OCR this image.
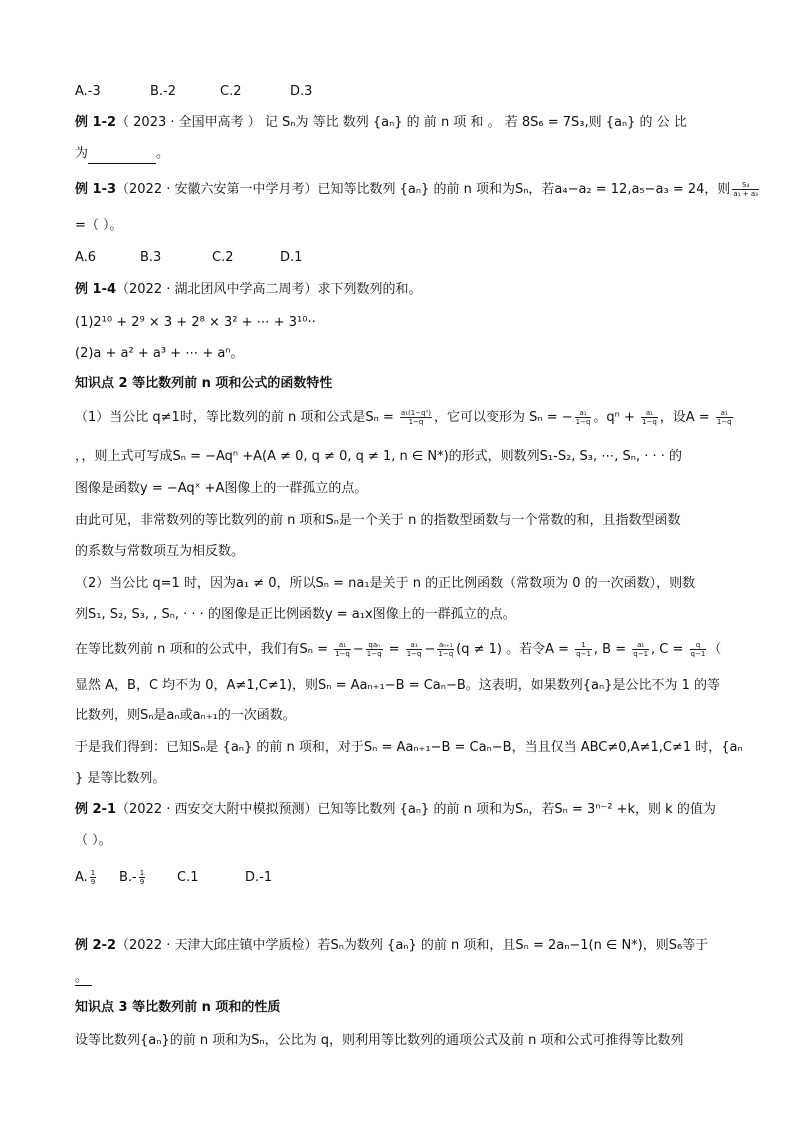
A.-3	B.-2	C.2	D.3
例 1-2（ 2023 · 全国甲高考 ） 记 Sₙ为 等比 数列 {aₙ} 的 前 n 项 和 。 若 8S₆ = 7S₃,则 {aₙ} 的 公 比
为	。
例 1-3（2022 · 安徽六安第一中学月考）已知等比数列 {aₙ} 的前 n 项和为Sₙ，若a₄−a₂ = 12,a₅−a₃ = 24，则 $\frac{\text{S₄}}{\text{a₁ + a₃}}$
=（ ）。
A.6	B.3	C.2	D.1
例 1-4（2022 · 湖北团风中学高二周考）求下列数列的和。
(1)2¹⁰ + 2⁹ × 3 + 2⁸ × 3² + ⋯ + 3¹⁰··
(2)a + a² + a³ + ⋯ + aⁿ。
知识点 2 等比数列前 n 项和公式的函数特性
（1）当公比 q≠1时，等比数列的前 n 项和公式是$S_n = \frac{\text{a₁(1−qⁿ)}}{1-q}$ ，它可以变形为 Sₙ = − $\frac{\text{a₁}}{1-q}$ 。$q^n + \frac{\text{a₁}}{1-q}$ ，设$A = \frac{\text{a₁}}{1-q}$
，，则上式可写成Sₙ = −Aqⁿ +A(A ≠ 0, q ≠ 0, q ≠ 1, n ∈ N*)的形式，则数列S₁-S₂, S₃, ⋯, Sₙ, · · · 的
图像是函数y = −Aqˣ +A图像上的一群孤立的点。
由此可见，非常数列的等比数列的前 n 项和Sₙ是一个关于 n 的指数型函数与一个常数的和，且指数型函数
的系数与常数项互为相反数。
（2）当公比 q=1 时，因为a₁ ≠ 0，所以Sₙ = na₁是关于 n 的正比例函数（常数项为 0 的一次函数），则数
列S₁, S₂, S₃, , Sₙ, · · · 的图像是正比例函数y = a₁x图像上的一群孤立的点。
在等比数列前 n 项和的公式中，我们有$S_n = \frac{\text{a₁}}{1-q} - \frac{\text{qaₙ}}{1-q} = \frac{\text{a₁}}{1-q} - \frac{\text{aₙ₊₁}}{1-q} (q \ne 1)$ 。若令$A = \frac{1}{q-1}$ , $B = \frac{\text{a₁}}{q-1}$ , $C = \frac{q}{q-1}$ （
显然 A，B，C 均不为 0，A≠1,C≠1)，则Sₙ = Aaₙ₊₁−B = Caₙ−B。这表明，如果数列{aₙ}是公比不为 1 的等
比数列，则Sₙ是aₙ或aₙ₊₁的一次函数。
于是我们得到：已知Sₙ是 {aₙ} 的前 n 项和，对于Sₙ = Aaₙ₊₁−B = Caₙ−B，当且仅当 ABC≠0,A≠1,C≠1 时，{aₙ
} 是等比数列。
例 2-1（2022 · 西安交大附中模拟预测）已知等比数列 {aₙ} 的前 n 项和为Sₙ，若Sₙ = 3ⁿ⁻² +k，则 k 的值为
（ ）。
A. $\frac{1}{9} B.- \frac{1}{9} C.1$	D.-1
例 2-2（2022 · 天津大邱庄镇中学质检）若Sₙ为数列 {aₙ} 的前 n 项和，且Sₙ = 2aₙ−1(n ∈ N*)，则S₆等于
。
知识点 3 等比数列前 n 项和的性质
设等比数列{aₙ}的前 n 项和为Sₙ，公比为 q，则利用等比数列的通项公式及前 n 项和公式可推得等比数列
